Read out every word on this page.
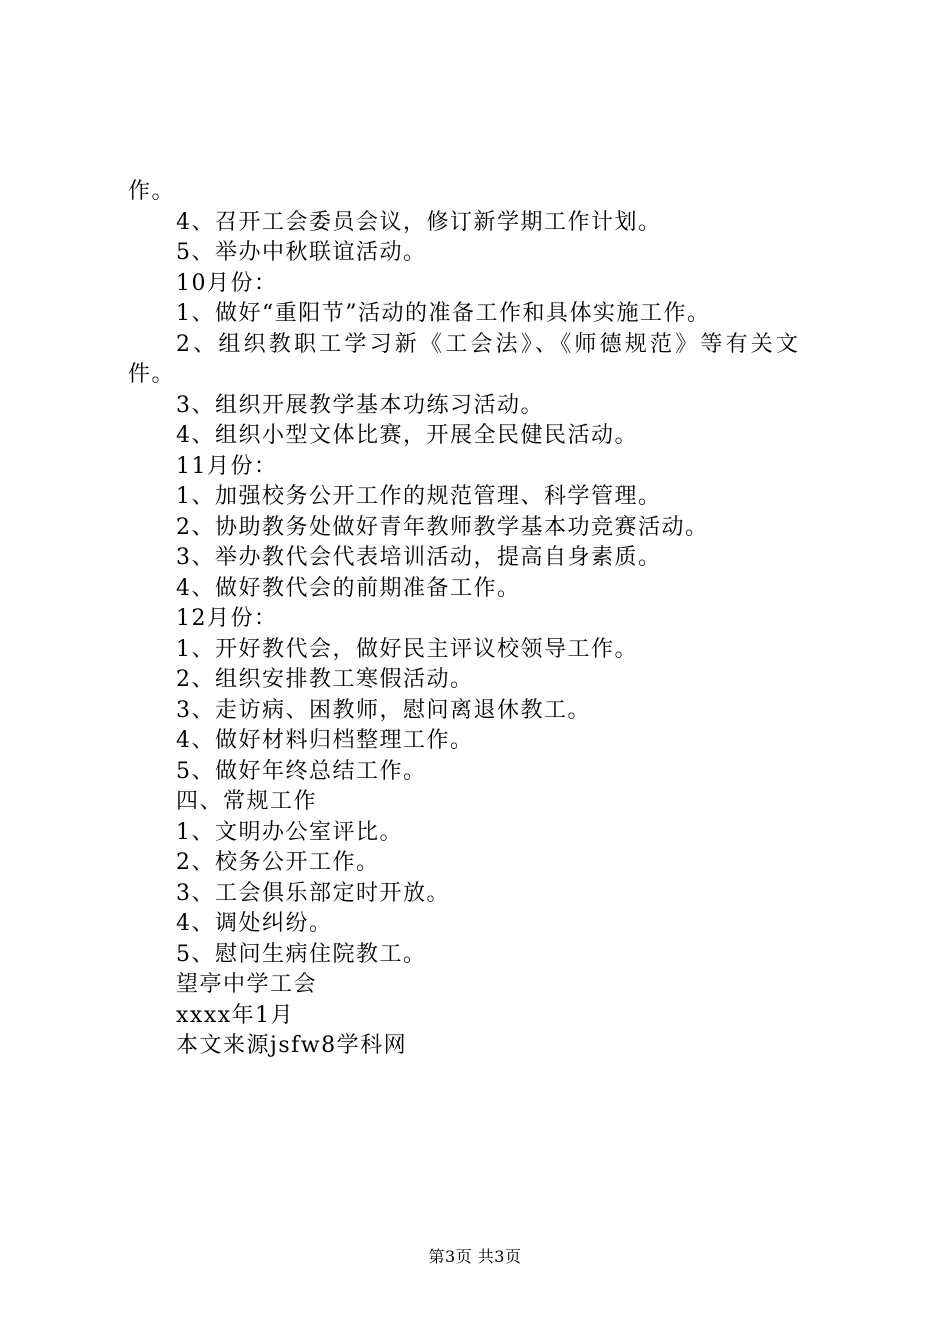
作。
4、召开工会委员会议，修订新学期工作计划。
5、举办中秋联谊活动。
10月份：
1、做好“重阳节”活动的准备工作和具体实施工作。
2、组织教职工学习新《工会法》、《师德规范》等有关文
件。
3、组织开展教学基本功练习活动。
4、组织小型文体比赛，开展全民健民活动。
11月份：
1、加强校务公开工作的规范管理、科学管理。
2、协助教务处做好青年教师教学基本功竞赛活动。
3、举办教代会代表培训活动，提高自身素质。
4、做好教代会的前期准备工作。
12月份：
1、开好教代会，做好民主评议校领导工作。
2、组织安排教工寒假活动。
3、走访病、困教师，慰问离退休教工。
4、做好材料归档整理工作。
5、做好年终总结工作。
四、常规工作
1、文明办公室评比。
2、校务公开工作。
3、工会俱乐部定时开放。
4、调处纠纷。
5、慰问生病住院教工。
望亭中学工会
xxxx年1月
本文来源jsfw8学科网
第3页 共3页
